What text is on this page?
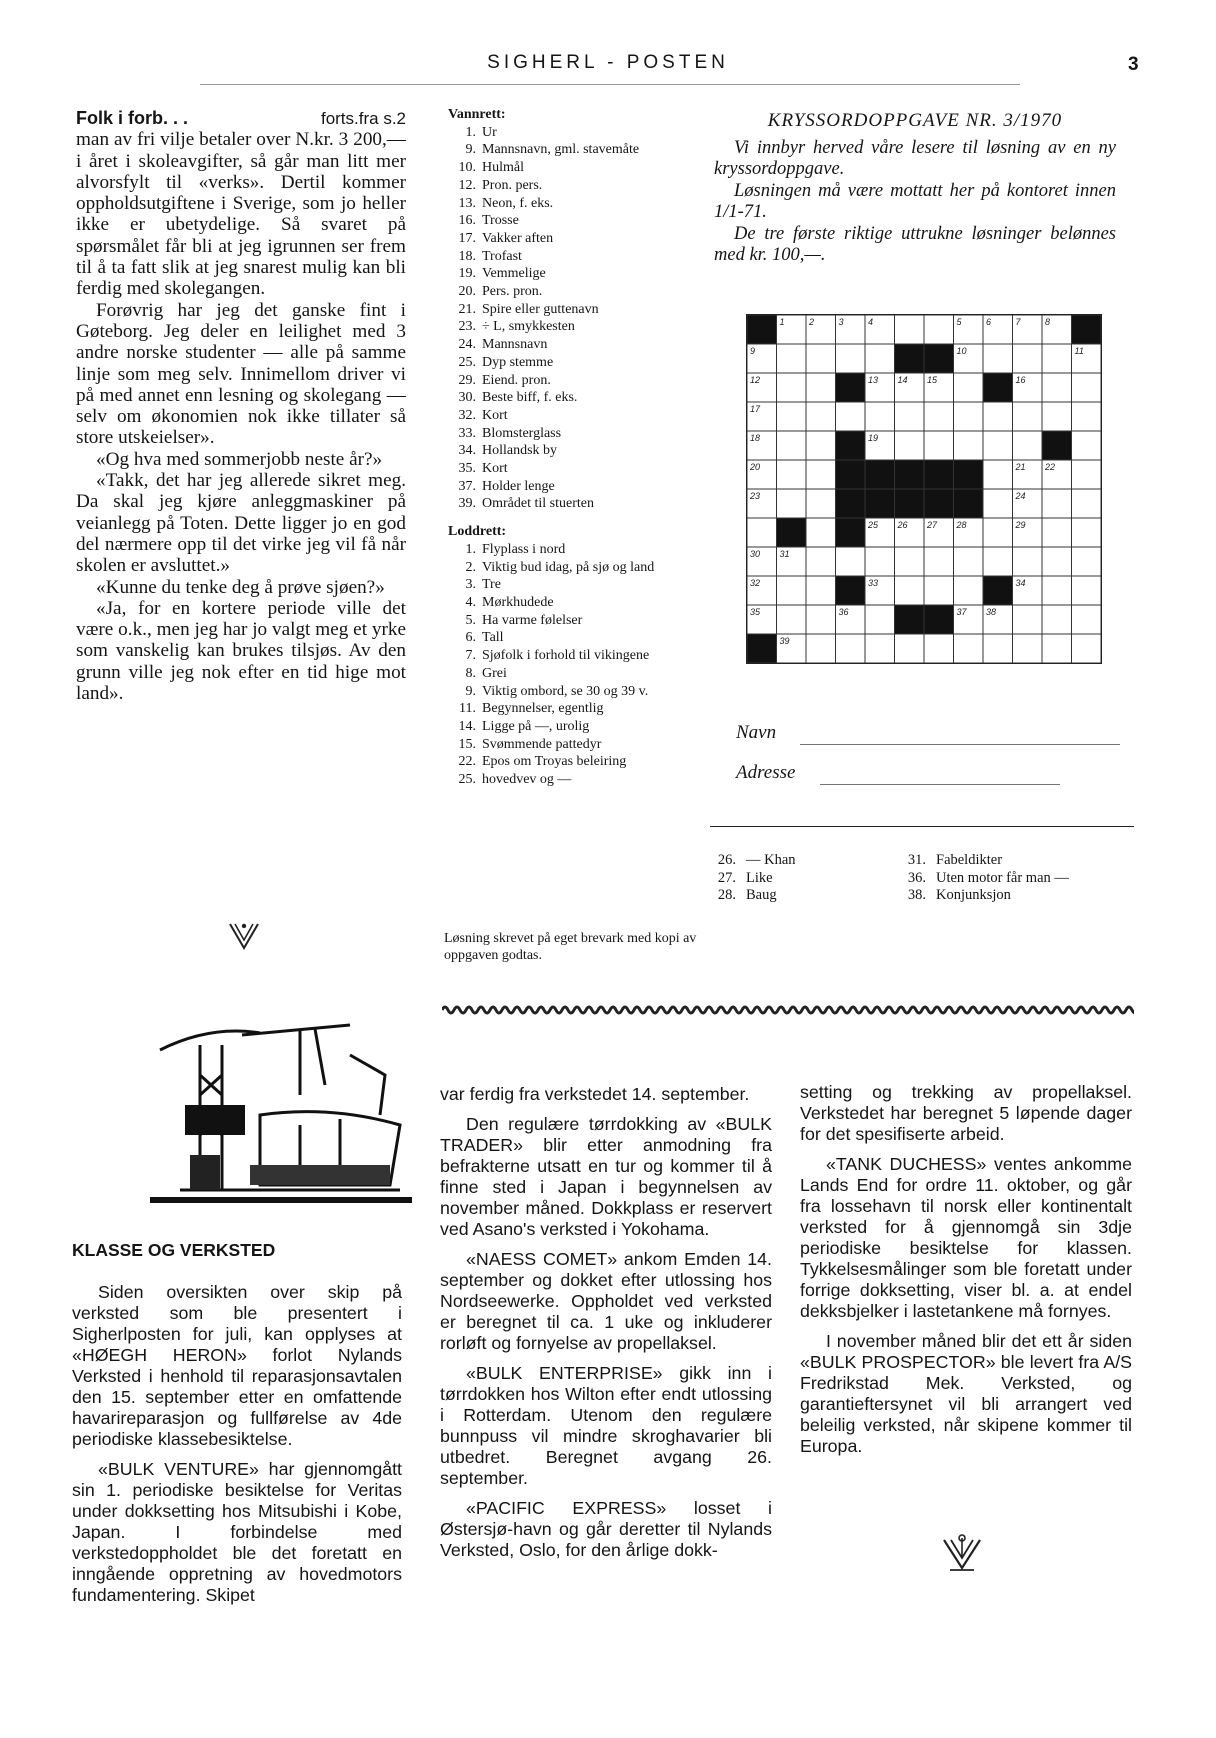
SIGHERL - POSTEN	3
Folk i forb. . .	forts.fra s.2

man av fri vilje betaler over N.kr. 3 200,— i året i skoleavgifter, så går man litt mer alvorsfylt til «verks». Dertil kommer oppholdsutgiftene i Sverige, som jo heller ikke er ubetydelige. Så svaret på spørsmålet får bli at jeg igrunnen ser frem til å ta fatt slik at jeg snarest mulig kan bli ferdig med skolegangen.

Forøvrig har jeg det ganske fint i Gøteborg. Jeg deler en leilighet med 3 andre norske studenter — alle på samme linje som meg selv. Innimellom driver vi på med annet enn lesning og skolegang — selv om økonomien nok ikke tillater så store utskeielser».

«Og hva med sommerjobb neste år?»

«Takk, det har jeg allerede sikret meg. Da skal jeg kjøre anleggmaskiner på veianlegg på Toten. Dette ligger jo en god del nærmere opp til det virke jeg vil få når skolen er avsluttet.»

«Kunne du tenke deg å prøve sjøen?»

«Ja, for en kortere periode ville det være o.k., men jeg har jo valgt meg et yrke som vanskelig kan brukes tilsjøs. Av den grunn ville jeg nok efter en tid hige mot land».

Vannrett:

1. Ur
9. Mannsnavn, gml. stavemåte
10. Hulmål
12. Pron. pers.
13. Neon, f. eks.
16. Trosse
17. Vakker aften
18. Trofast
19. Vemmelige
20. Pers. pron.
21. Spire eller guttenavn
23. ÷ L, smykkesten
24. Mannsnavn
25. Dyp stemme
29. Eiend. pron.
30. Beste biff, f. eks.
32. Kort
33. Blomsterglass
34. Hollandsk by
35. Kort
37. Holder lenge
39. Området til stuerten

Loddrett:

1. Flyplass i nord
2. Viktig bud idag, på sjø og land
3. Tre
4. Mørkhudede
5. Ha varme følelser
6. Tall
7. Sjøfolk i forhold til vikingene
8. Grei
9. Viktig ombord, se 30 og 39 v.
11. Begynnelser, egentlig
14. Ligge på —, urolig
15. Svømmende pattedyr
22. Epos om Troyas beleiring
25. hovedvev og —
KRYSSORDOPPGAVE NR. 3/1970

Vi innbyr herved våre lesere til løsning av en ny kryssordoppgave.

Løsningen må være mottatt her på kontoret innen 1/1-71.

De tre første riktige uttrukne løsninger belønnes med kr. 100,—.

1	2	3	4	5	6	7	8
9	10	11
12	13 14 15	16
17
18	19
20	21 22
23	24
25 26 27 28	29
30 31
32	33	34
35	36	37 38
39
Navn
Adresse
26. — Khan
27. Like
28. Baug
31. Fabeldikter
36. Uten motor får man —
38. Konjunksjon
Løsning skrevet på eget brevark med kopi av oppgaven godtas.
KLASSE OG VERKSTED

Siden oversikten over skip på verksted som ble presentert i Sigherlposten for juli, kan opplyses at «HØEGH HERON» forlot Nylands Verksted i henhold til reparasjonsavtalen den 15. september etter en omfattende havarireparasjon og fullførelse av 4de periodiske klassebesiktelse.

«BULK VENTURE» har gjennomgått sin 1. periodiske besiktelse for Veritas under dokksetting hos Mitsubishi i Kobe, Japan. I forbindelse med verkstedoppholdet ble det foretatt en inngående oppretning av hovedmotors fundamentering. Skipet

var ferdig fra verkstedet 14. september.

Den regulære tørrdokking av «BULK TRADER» blir etter anmodning fra befrakterne utsatt en tur og kommer til å finne sted i Japan i begynnelsen av november måned. Dokkplass er reservert ved Asano's verksted i Yokohama.

«NAESS COMET» ankom Emden 14. september og dokket efter utlossing hos Nordseewerke. Oppholdet ved verksted er beregnet til ca. 1 uke og inkluderer rorløft og fornyelse av propellaksel.

«BULK ENTERPRISE» gikk inn i tørrdokken hos Wilton efter endt utlossing i Rotterdam. Utenom den regulære bunnpuss vil mindre skroghavarier bli utbedret. Beregnet avgang 26. september.

«PACIFIC EXPRESS» losset i Østersjø-havn og går deretter til Nylands Verksted, Oslo, for den årlige dokk-

setting og trekking av propellaksel. Verkstedet har beregnet 5 løpende dager for det spesifiserte arbeid.

«TANK DUCHESS» ventes ankomme Lands End for ordre 11. oktober, og går fra lossehavn til norsk eller kontinentalt verksted for å gjennomgå sin 3dje periodiske besiktelse for klassen. Tykkelsesmålinger som ble foretatt under forrige dokksetting, viser bl. a. at endel dekksbjelker i lastetankene må fornyes.

I november måned blir det ett år siden «BULK PROSPECTOR» ble levert fra A/S Fredrikstad Mek. Verksted, og garantieftersynet vil bli arrangert ved beleilig verksted, når skipene kommer til Europa.
